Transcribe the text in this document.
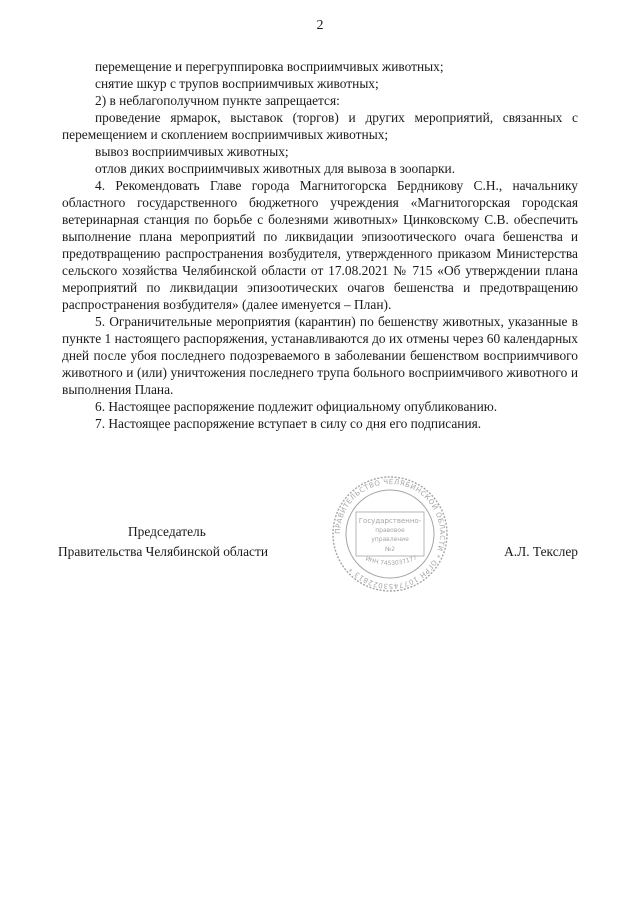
2

перемещение и перегруппировка восприимчивых животных;

снятие шкур с трупов восприимчивых животных;

2) в неблагополучном пункте запрещается:

проведение ярмарок, выставок (торгов) и других мероприятий, связанных с перемещением и скоплением восприимчивых животных;

вывоз восприимчивых животных;

отлов диких восприимчивых животных для вывоза в зоопарки.

4. Рекомендовать Главе города Магнитогорска Бердникову С.Н., начальнику областного государственного бюджетного учреждения «Магнитогорская городская ветеринарная станция по борьбе с болезнями животных» Цинковскому С.В. обеспечить выполнение плана мероприятий по ликвидации эпизоотического очага бешенства и предотвращению распространения возбудителя, утвержденного приказом Министерства сельского хозяйства Челябинской области от 17.08.2021 № 715 «Об утверждении плана мероприятий по ликвидации эпизоотических очагов бешенства и предотвращению распространения возбудителя» (далее именуется – План).

5. Ограничительные мероприятия (карантин) по бешенству животных, указанные в пункте 1 настоящего распоряжения, устанавливаются до их отмены через 60 календарных дней после убоя последнего подозреваемого в заболевании бешенством восприимчивого животного и (или) уничтожения последнего трупа больного восприимчивого животного и выполнения Плана.

6. Настоящее распоряжение подлежит официальному опубликованию.

7. Настоящее распоряжение вступает в силу со дня его подписания.

Председатель
Правительства Челябинской области	А.Л. Текслер
ПРАВИТЕЛЬСТВО ЧЕЛЯБИНСКОЙ ОБЛАСТИ * ОГРН 1077453022813 *
Государственно-
правовое
управление
№2
ИНН 7453037177
